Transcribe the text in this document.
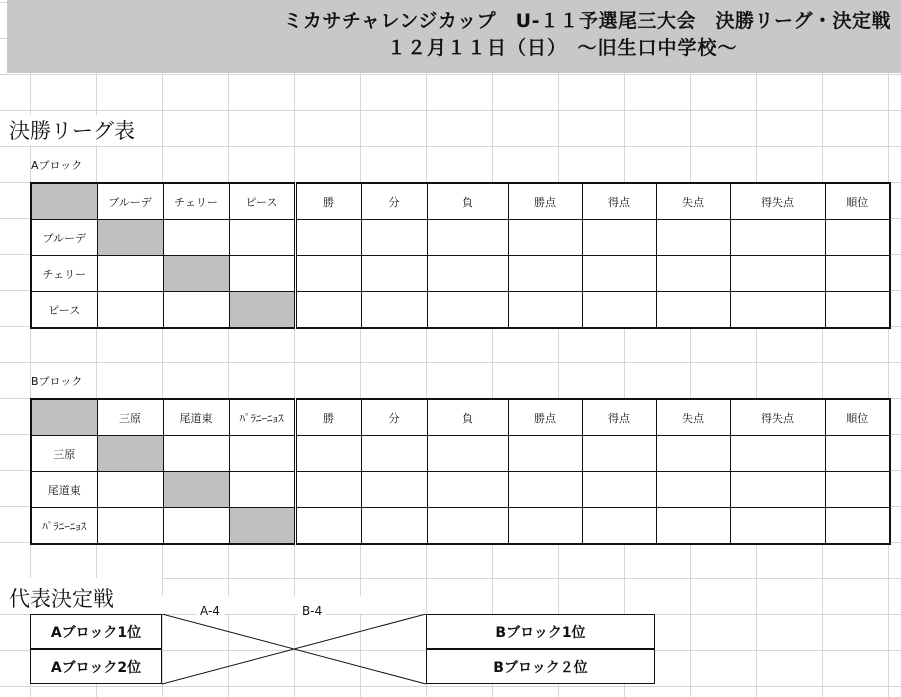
ミカサチャレンジカップ　U-１１予選尾三大会　決勝リーグ・決定戦
１２月１１日（日）　～旧生口中学校～
決勝リーグ表
Aブロック
	ブルーデ	チェリー	ピース	勝	分	負	勝点	得点	失点	得失点	順位
ブルーデ											
チェリー											
ピース											
Bブロック
	三原	尾道東	ﾊﾟﾗﾆｰﾆｮｽ	勝	分	負	勝点	得点	失点	得失点	順位
三原											
尾道東											
ﾊﾟﾗﾆｰﾆｮｽ											
代表決定戦	A-4	B-4
Aブロック1位
Aブロック2位
Bブロック1位
Bブロック２位
